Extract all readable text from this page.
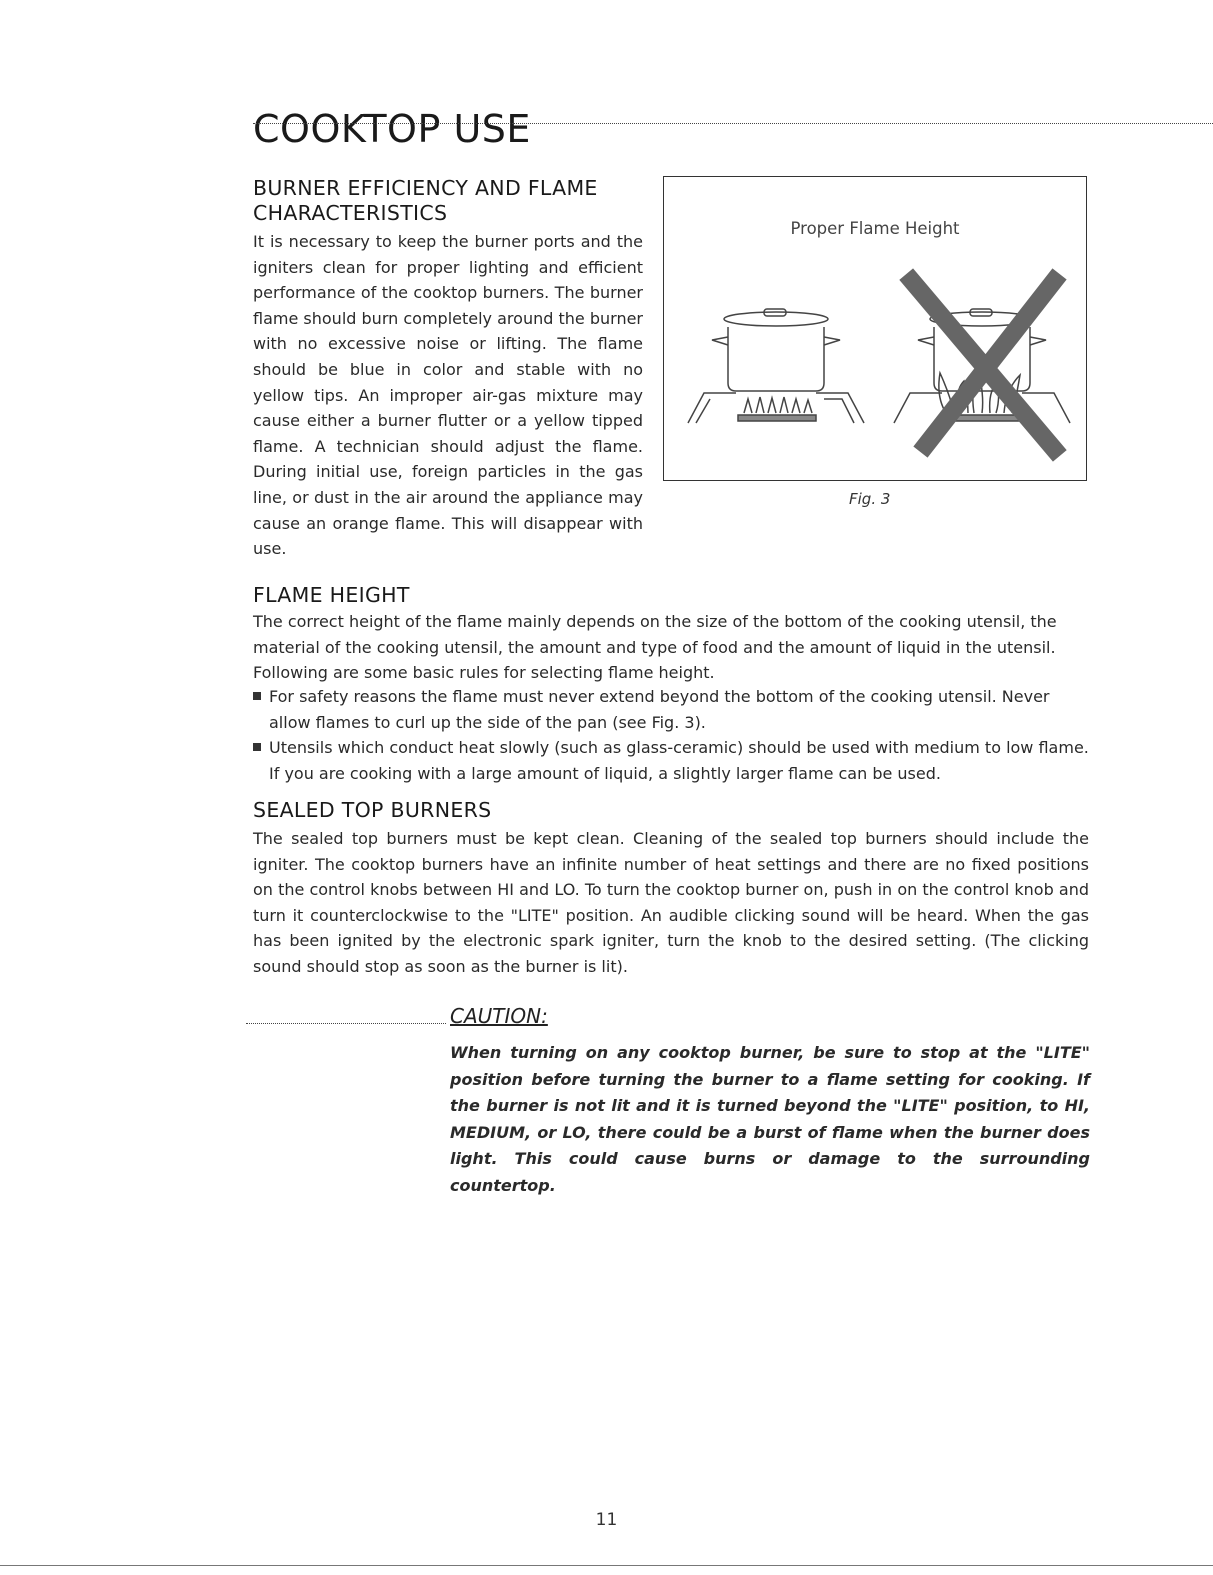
COOKTOP USE
BURNER EFFICIENCY AND FLAME
CHARACTERISTICS

It is necessary to keep the burner ports and the igniters clean for proper lighting and efficient performance of the cooktop burners. The burner flame should burn completely around the burner with no excessive noise or lifting. The flame should be blue in color and stable with no yellow tips. An improper air-gas mixture may cause either a burner flutter or a yellow tipped flame. A technician should adjust the flame. During initial use, foreign particles in the gas line, or dust in the air around the appliance may cause an orange flame. This will disappear with use.

Proper Flame Height
Fig. 3
FLAME HEIGHT

The correct height of the flame mainly depends on the size of the bottom of the cooking utensil, the material of the cooking utensil, the amount and type of food and the amount of liquid in the utensil. Following are some basic rules for selecting flame height.

For safety reasons the flame must never extend beyond the bottom of the cooking utensil. Never allow flames to curl up the side of the pan (see Fig. 3).
Utensils which conduct heat slowly (such as glass-ceramic) should be used with medium to low flame. If you are cooking with a large amount of liquid, a slightly larger flame can be used.
SEALED TOP BURNERS

The sealed top burners must be kept clean. Cleaning of the sealed top burners should include the igniter. The cooktop burners have an infinite number of heat settings and there are no fixed positions on the control knobs between HI and LO. To turn the cooktop burner on, push in on the control knob and turn it counterclockwise to the "LITE" position. An audible clicking sound will be heard. When the gas has been ignited by the electronic spark igniter, turn the knob to the desired setting. (The clicking sound should stop as soon as the burner is lit).

CAUTION:

When turning on any cooktop burner, be sure to stop at the "LITE" position before turning the burner to a flame setting for cooking. If the burner is not lit and it is turned beyond the "LITE" position, to HI, MEDIUM, or LO, there could be a burst of flame when the burner does light. This could cause burns or damage to the surrounding countertop.

11
